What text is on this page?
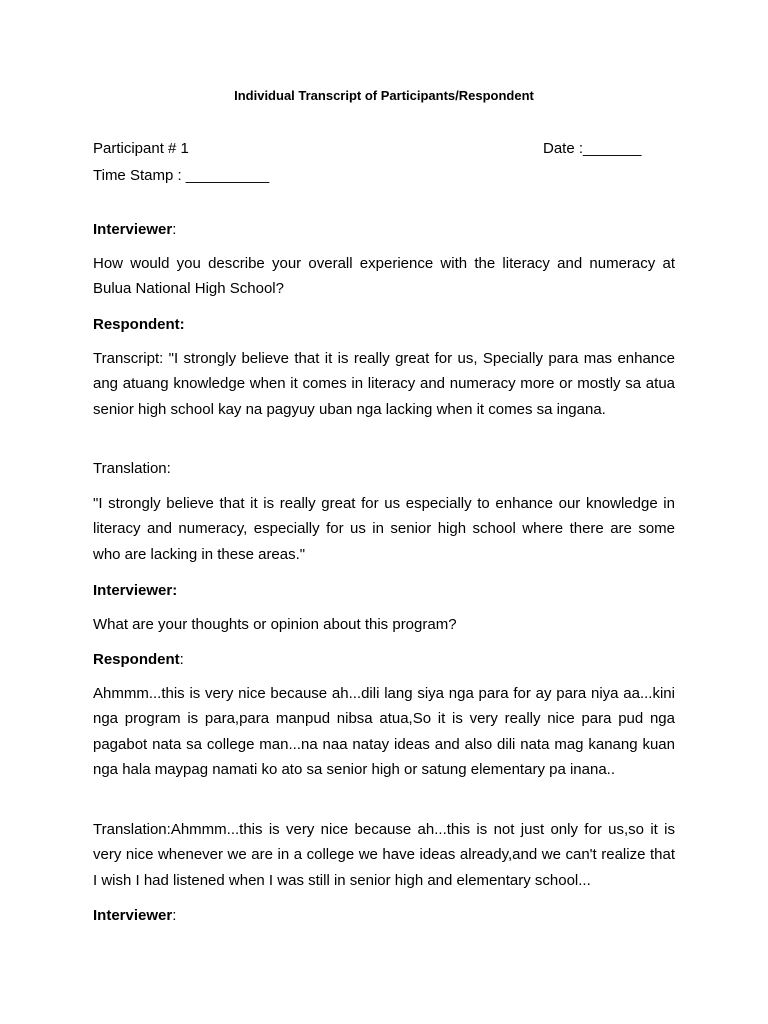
Individual Transcript of Participants/Respondent
Participant # 1	Date :_______
Time Stamp : __________
Interviewer:
How would you describe your overall experience with the literacy and numeracy at Bulua National High School?
Respondent:
Transcript: "I strongly believe that it is really great for us, Specially para mas enhance ang atuang knowledge when it comes in literacy and numeracy more or mostly sa atua senior high school kay na pagyuy uban nga lacking when it comes sa ingana.
Translation:
"I strongly believe that it is really great for us especially to enhance our knowledge in literacy and numeracy, especially for us in senior high school where there are some who are lacking in these areas."
Interviewer:
What are your thoughts or opinion about this program?
Respondent:
Ahmmm...this is very nice because ah...dili lang siya nga para for ay para niya aa...kini nga program is para,para manpud nibsa atua,So it is very really nice para pud nga pagabot nata sa college man...na naa natay ideas and also dili nata mag kanang kuan nga hala maypag namati ko ato sa senior high or satung elementary pa inana..
Translation:Ahmmm...this is very nice because ah...this is not just only for us,so it is very nice whenever we are in a college we have ideas already,and we can't realize that I wish I had listened when I was still in senior high and elementary school...
Interviewer:
